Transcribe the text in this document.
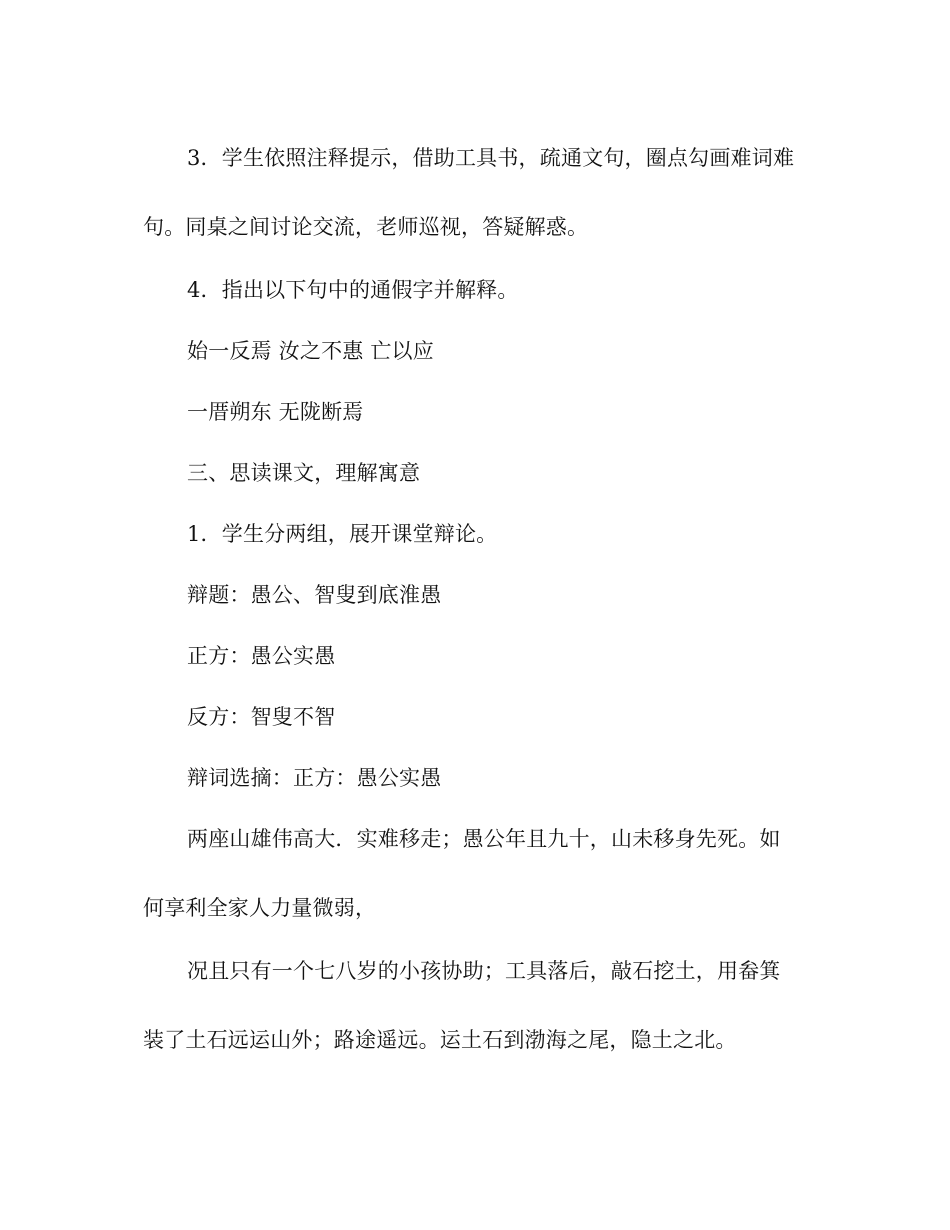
3．学生依照注释提示，借助工具书，疏通文句，圈点勾画难词难
句。同桌之间讨论交流，老师巡视，答疑解惑。
4．指出以下句中的通假字并解释。
始一反焉 汝之不惠 亡以应
一厝朔东 无陇断焉
三、思读课文，理解寓意
1．学生分两组，展开课堂辩论。
辩题：愚公、智叟到底淮愚
正方：愚公实愚
反方：智叟不智
辩词选摘：正方：愚公实愚
两座山雄伟高大．实难移走；愚公年且九十，山未移身先死。如
何享利全家人力量微弱，
况且只有一个七八岁的小孩协助；工具落后，敲石挖土，用畚箕
装了土石远运山外；路途遥远。运土石到渤海之尾，隐土之北。
